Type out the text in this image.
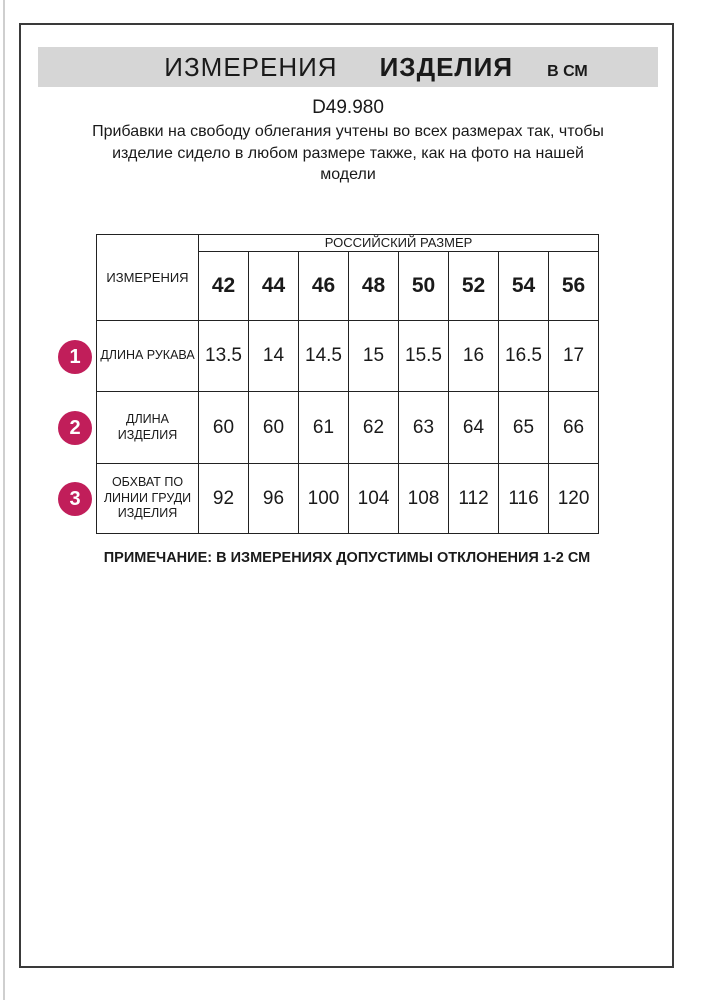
ИЗМЕРЕНИЯ ИЗДЕЛИЯ В СМ
D49.980
Прибавки на свободу облегания учтены во всех размерах так, чтобы
изделие сидело в любом размере также, как на фото на нашей
модели
ИЗМЕРЕНИЯ	РОССИЙСКИЙ РАЗМЕР							
	42	44	46	48	50	52	54	56
ДЛИНА РУКАВА	13.5	14	14.5	15	15.5	16	16.5	17
ДЛИНА ИЗДЕЛИЯ	60	60	61	62	63	64	65	66
ОБХВАТ ПО ЛИНИИ ГРУДИ ИЗДЕЛИЯ	92	96	100	104	108	112	116	120
1
2
3
ПРИМЕЧАНИЕ: В ИЗМЕРЕНИЯХ ДОПУСТИМЫ ОТКЛОНЕНИЯ 1-2 СМ
